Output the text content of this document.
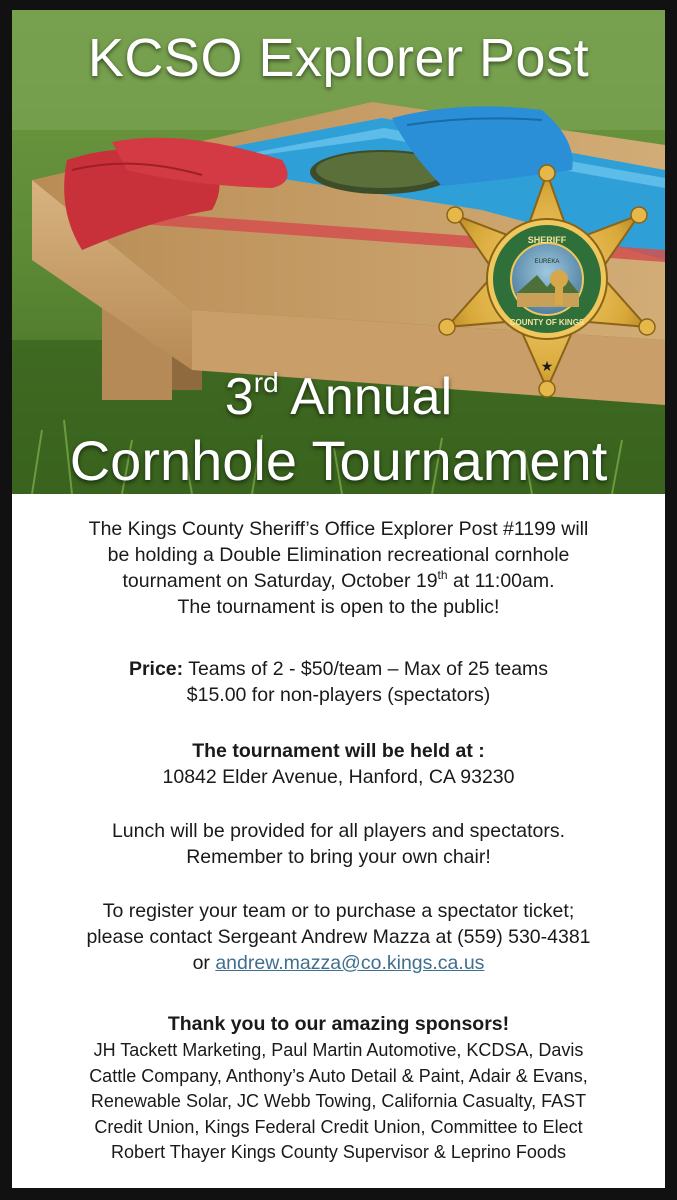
SHERIFF
EUREKA
COUNTY OF KINGS
★
KCSO Explorer Post
3rd Annual
Cornhole Tournament

The Kings County Sheriff’s Office Explorer Post #1199 will

be holding a Double Elimination recreational cornhole

tournament on Saturday, October 19th at 11:00am.

The tournament is open to the public!

Price: Teams of 2 - $50/team – Max of 25 teams

$15.00 for non-players (spectators)

The tournament will be held at :

10842 Elder Avenue, Hanford, CA 93230

Lunch will be provided for all players and spectators.

Remember to bring your own chair!

To register your team or to purchase a spectator ticket;

please contact Sergeant Andrew Mazza at (559) 530-4381

or andrew.mazza@co.kings.ca.us

Thank you to our amazing sponsors!

JH Tackett Marketing, Paul Martin Automotive, KCDSA, Davis

Cattle Company, Anthony’s Auto Detail & Paint, Adair & Evans,

Renewable Solar, JC Webb Towing, California Casualty, FAST

Credit Union, Kings Federal Credit Union, Committee to Elect

Robert Thayer Kings County Supervisor & Leprino Foods
